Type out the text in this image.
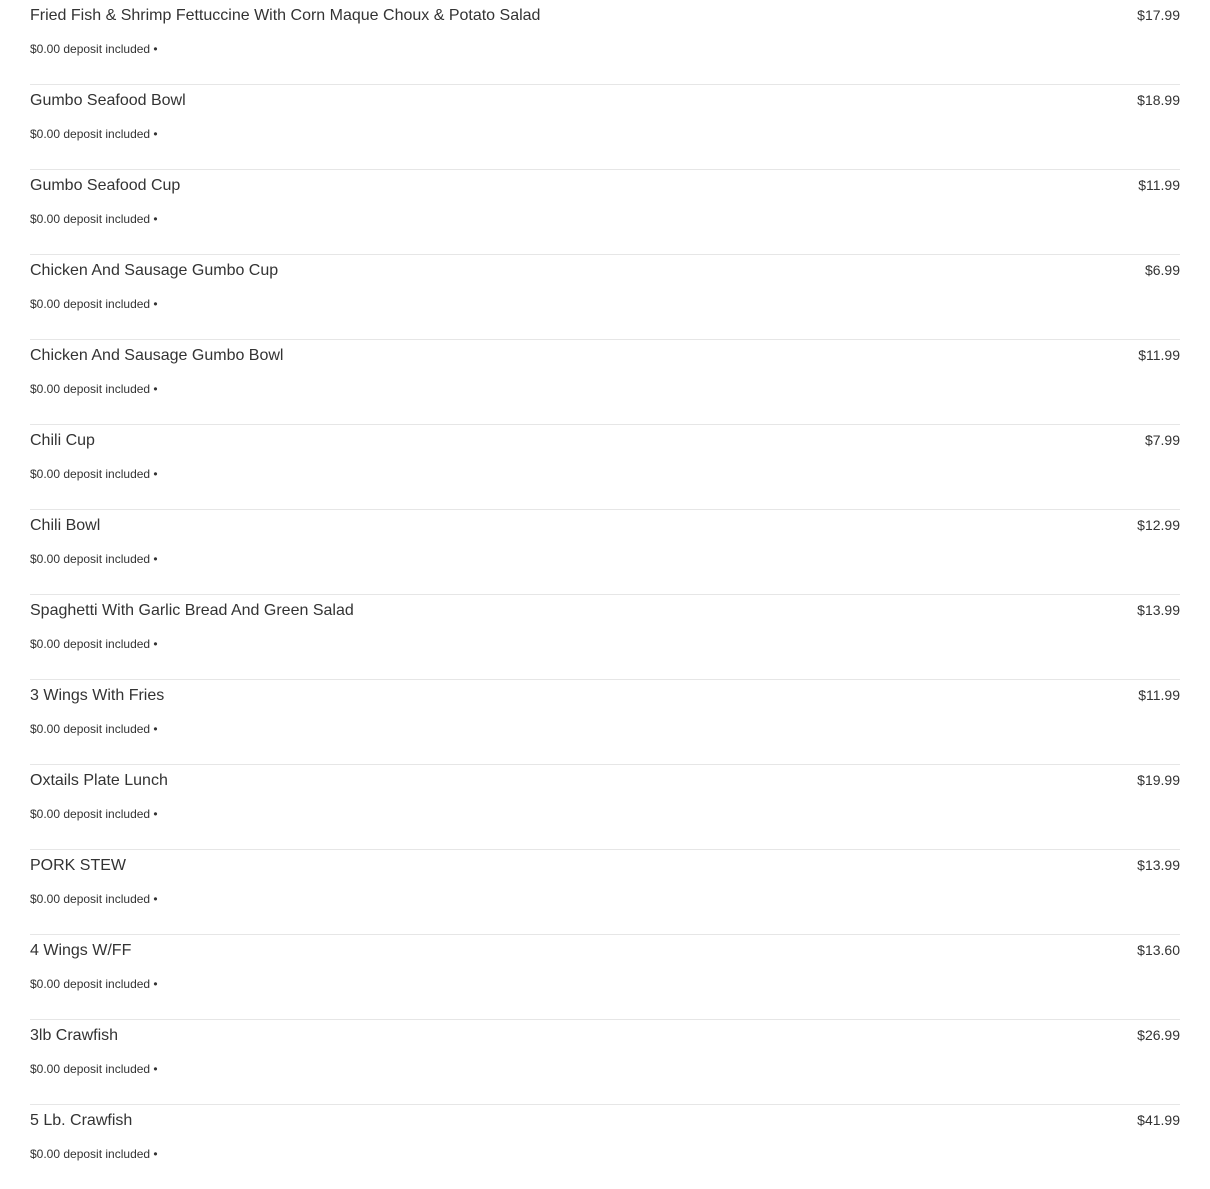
Fried Fish & Shrimp Fettuccine With Corn Maque Choux & Potato Salad
$0.00 deposit included •
$17.99
Gumbo Seafood Bowl
$0.00 deposit included •
$18.99
Gumbo Seafood Cup
$0.00 deposit included •
$11.99
Chicken And Sausage Gumbo Cup
$0.00 deposit included •
$6.99
Chicken And Sausage Gumbo Bowl
$0.00 deposit included •
$11.99
Chili Cup
$0.00 deposit included •
$7.99
Chili Bowl
$0.00 deposit included •
$12.99
Spaghetti With Garlic Bread And Green Salad
$0.00 deposit included •
$13.99
3 Wings With Fries
$0.00 deposit included •
$11.99
Oxtails Plate Lunch
$0.00 deposit included •
$19.99
PORK STEW
$0.00 deposit included •
$13.99
4 Wings W/FF
$0.00 deposit included •
$13.60
3lb Crawfish
$0.00 deposit included •
$26.99
5 Lb. Crawfish
$0.00 deposit included •
$41.99
